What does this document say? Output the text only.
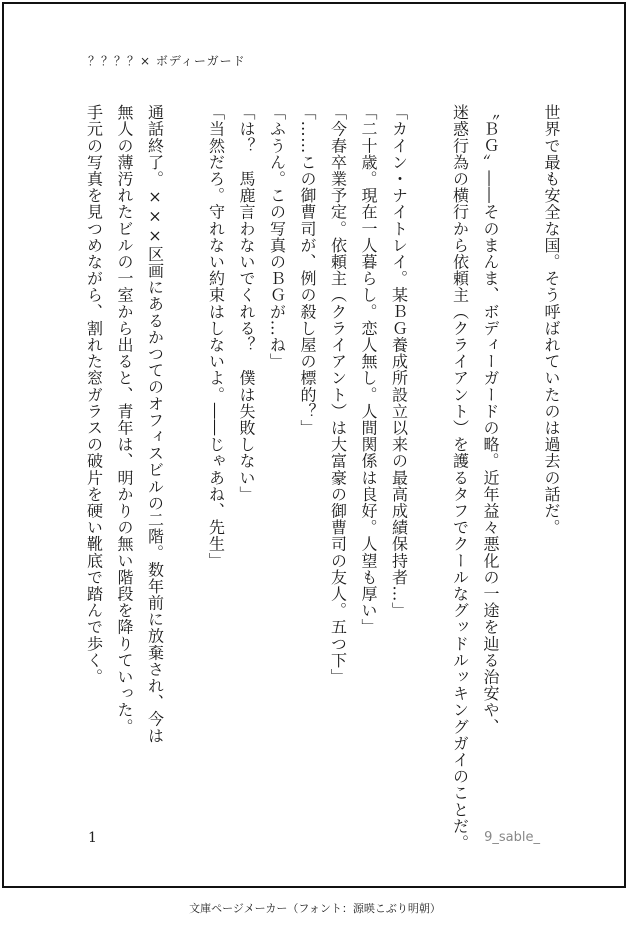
？？？？× ボディーガード
世界で最も安全な国。そう呼ばれていたのは過去の話だ。
〝ＢＧ〟――そのまんま、ボディーガードの略。近年益々悪化の一途を辿る治安や、
迷惑行為の横行から依頼主（クライアント）を護るタフでクールなグッドルッキングガイのことだ。
「カイン・ナイトレイ。某ＢＧ養成所設立以来の最高成績保持者…」
「二十歳。現在一人暮らし。恋人無し。人間関係は良好。人望も厚い」
「今春卒業予定。依頼主（クライアント）は大富豪の御曹司の友人。五つ下」
「……この御曹司が、例の殺し屋の標的？」
「ふうん。この写真のＢＧが…ね」
「は？　馬鹿言わないでくれる？　僕は失敗しない」
「当然だろ。守れない約束はしないよ。――じゃあね、先生」
通話終了。×××区画にあるかつてのオフィスビルの二階。数年前に放棄され、今は
無人の薄汚れたビルの一室から出ると、青年は、明かりの無い階段を降りていった。
手元の写真を見つめながら、割れた窓ガラスの破片を硬い靴底で踏んで歩く。
1	9_sable_
文庫ページメーカー（フォント：源暎こぶり明朝）
